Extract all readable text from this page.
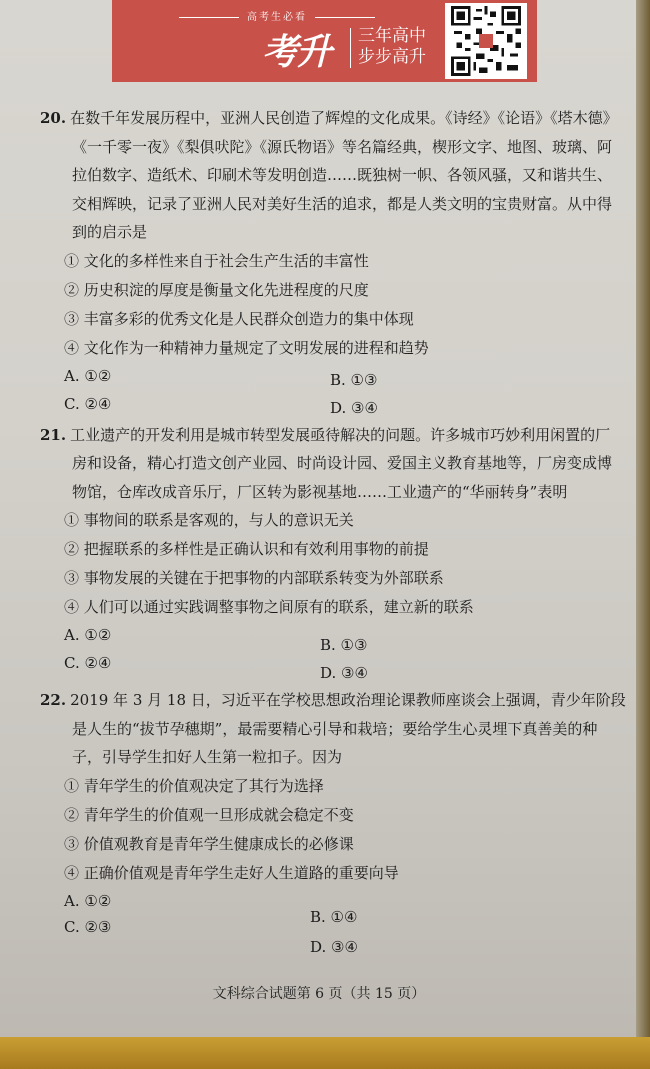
高考生必看
考升 三年高中
步步高升
20. 在数千年发展历程中，亚洲人民创造了辉煌的文化成果。《诗经》《论语》《塔木德》
《一千零一夜》《梨俱吠陀》《源氏物语》等名篇经典，楔形文字、地图、玻璃、阿
拉伯数字、造纸术、印刷术等发明创造……既独树一帜、各领风骚，又和谐共生、
交相辉映，记录了亚洲人民对美好生活的追求，都是人类文明的宝贵财富。从中得
到的启示是
① 文化的多样性来自于社会生产生活的丰富性
② 历史积淀的厚度是衡量文化先进程度的尺度
③ 丰富多彩的优秀文化是人民群众创造力的集中体现
④ 文化作为一种精神力量规定了文明发展的进程和趋势
A. ①②	B. ①③
C. ②④	D. ③④
21. 工业遗产的开发利用是城市转型发展亟待解决的问题。许多城市巧妙利用闲置的厂
房和设备，精心打造文创产业园、时尚设计园、爱国主义教育基地等，厂房变成博
物馆，仓库改成音乐厅，厂区转为影视基地……工业遗产的“华丽转身”表明
① 事物间的联系是客观的，与人的意识无关
② 把握联系的多样性是正确认识和有效利用事物的前提
③ 事物发展的关键在于把事物的内部联系转变为外部联系
④ 人们可以通过实践调整事物之间原有的联系，建立新的联系
A. ①②
B. ①③
C. ②④
D. ③④
22. 2019 年 3 月 18 日，习近平在学校思想政治理论课教师座谈会上强调，青少年阶段
是人生的“拔节孕穗期”，最需要精心引导和栽培；要给学生心灵埋下真善美的种
子，引导学生扣好人生第一粒扣子。因为
① 青年学生的价值观决定了其行为选择
② 青年学生的价值观一旦形成就会稳定不变
③ 价值观教育是青年学生健康成长的必修课
④ 正确价值观是青年学生走好人生道路的重要向导
A. ①②
B. ①④
C. ②③
D. ③④
文科综合试题第 6 页（共 15 页）
